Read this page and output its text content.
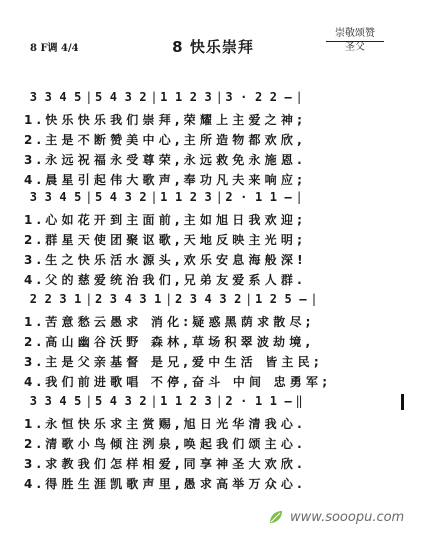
8 F调 4/4	8 快乐崇拜
崇敬颂赞
圣父
3 3 4 5 | 5 4 3 2 | 1 1 2 3 | 3 · 2 2 — |
1.快乐快乐我们崇拜,荣耀上主爱之神;
2.主是不断赞美中心,主所造物都欢欣,
3.永远祝福永受尊荣,永远救免永施恩.
4.晨星引起伟大歌声,奉功凡夫来响应;
3 3 4 5 | 5 4 3 2 | 1 1 2 3 | 2 · 1 1 — |
1.心如花开到主面前,主如旭日我欢迎;
2.群星天使团聚讴歌,天地反映主光明;
3.生之快乐活水源头,欢乐安息海般深!
4.父的慈爱统治我们,兄弟友爱系人群.
2 2 3 1 | 2 3 4 3 1 | 2 3 4 3 2 | 1 2 5 — |
1.苦意愁云愚求 消化:疑惑黑荫求散尽;
2.高山幽谷沃野 森林,草场积翠波劫境,
3.主是父亲基督 是兄,爱中生活 皆主民;
4.我们前进歌唱 不停,奋斗 中间 忠勇军;
3 3 4 5 | 5 4 3 2 | 1 1 2 3 | 2 · 1 1 — ‖
1.永恒快乐求主赏赐,旭日光华清我心.
2.清歌小鸟倾注洌泉,唤起我们颂主心.
3.求教我们怎样相爱,同享神圣大欢欣.
4.得胜生涯凯歌声里,愚求高举万众心.
www.sooopu.com
